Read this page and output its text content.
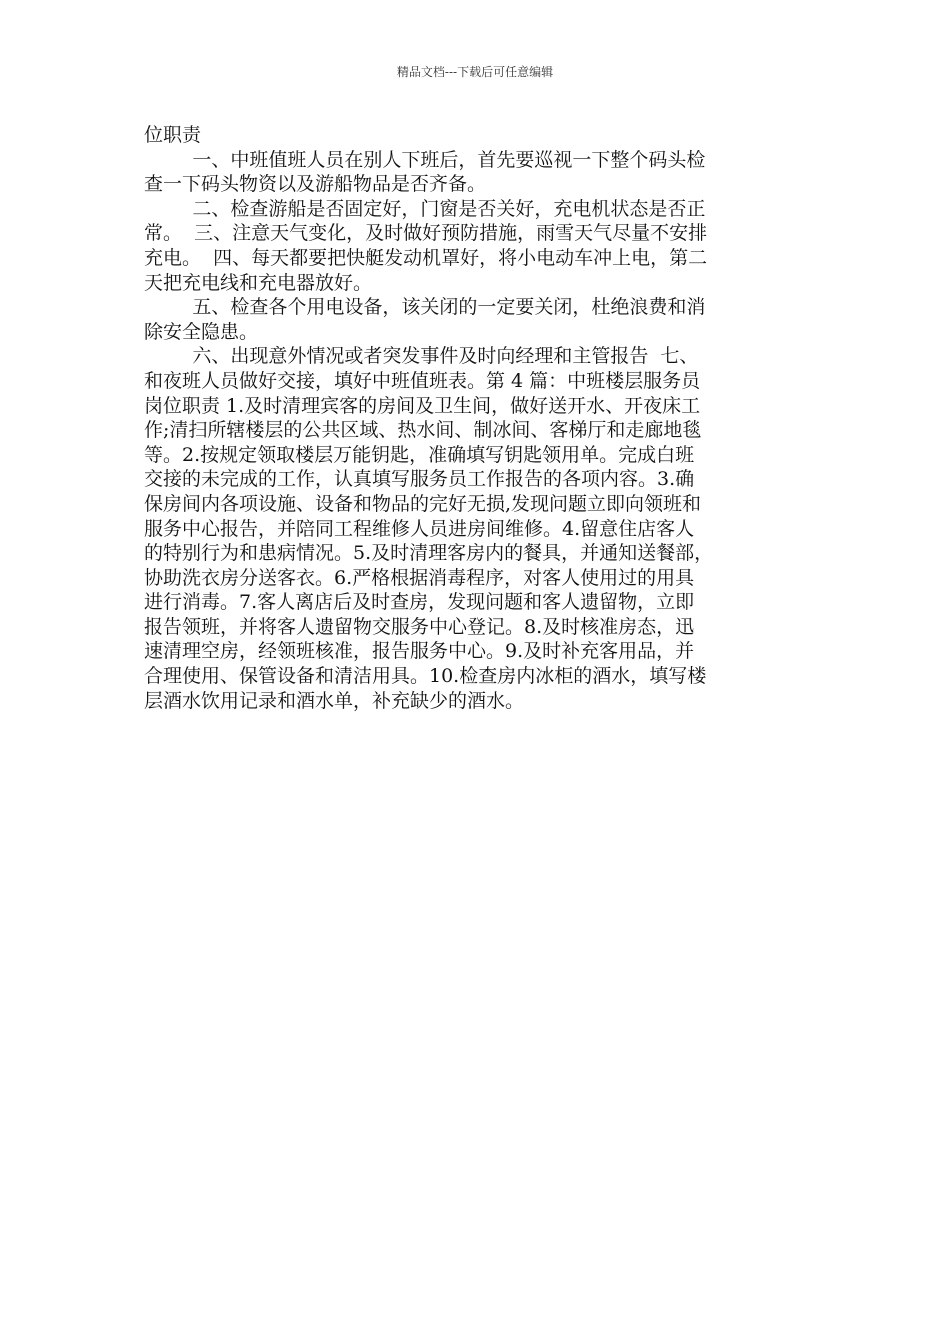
精品文档---下载后可任意编辑

位职责

一、中班值班人员在别人下班后，首先要巡视一下整个码头检

查一下码头物资以及游船物品是否齐备。

二、检查游船是否固定好，门窗是否关好，充电机状态是否正

常。  三、注意天气变化，及时做好预防措施，雨雪天气尽量不安排

充电。  四、每天都要把快艇发动机罩好，将小电动车冲上电，第二

天把充电线和充电器放好。

五、检查各个用电设备，该关闭的一定要关闭，杜绝浪费和消

除安全隐患。

六、出现意外情况或者突发事件及时向经理和主管报告  七、

和夜班人员做好交接，填好中班值班表。第 4 篇：中班楼层服务员

岗位职责 1.及时清理宾客的房间及卫生间，做好送开水、开夜床工

作;清扫所辖楼层的公共区域、热水间、制冰间、客梯厅和走廊地毯

等。2.按规定领取楼层万能钥匙，准确填写钥匙领用单。完成白班

交接的未完成的工作，认真填写服务员工作报告的各项内容。3.确

保房间内各项设施、设备和物品的完好无损,发现问题立即向领班和

服务中心报告，并陪同工程维修人员进房间维修。4.留意住店客人

的特别行为和患病情况。5.及时清理客房内的餐具，并通知送餐部，

协助洗衣房分送客衣。6.严格根据消毒程序，对客人使用过的用具

进行消毒。7.客人离店后及时查房，发现问题和客人遗留物，立即

报告领班，并将客人遗留物交服务中心登记。8.及时核准房态，迅

速清理空房，经领班核准，报告服务中心。9.及时补充客用品，并

合理使用、保管设备和清洁用具。10.检查房内冰柜的酒水，填写楼

层酒水饮用记录和酒水单，补充缺少的酒水。
